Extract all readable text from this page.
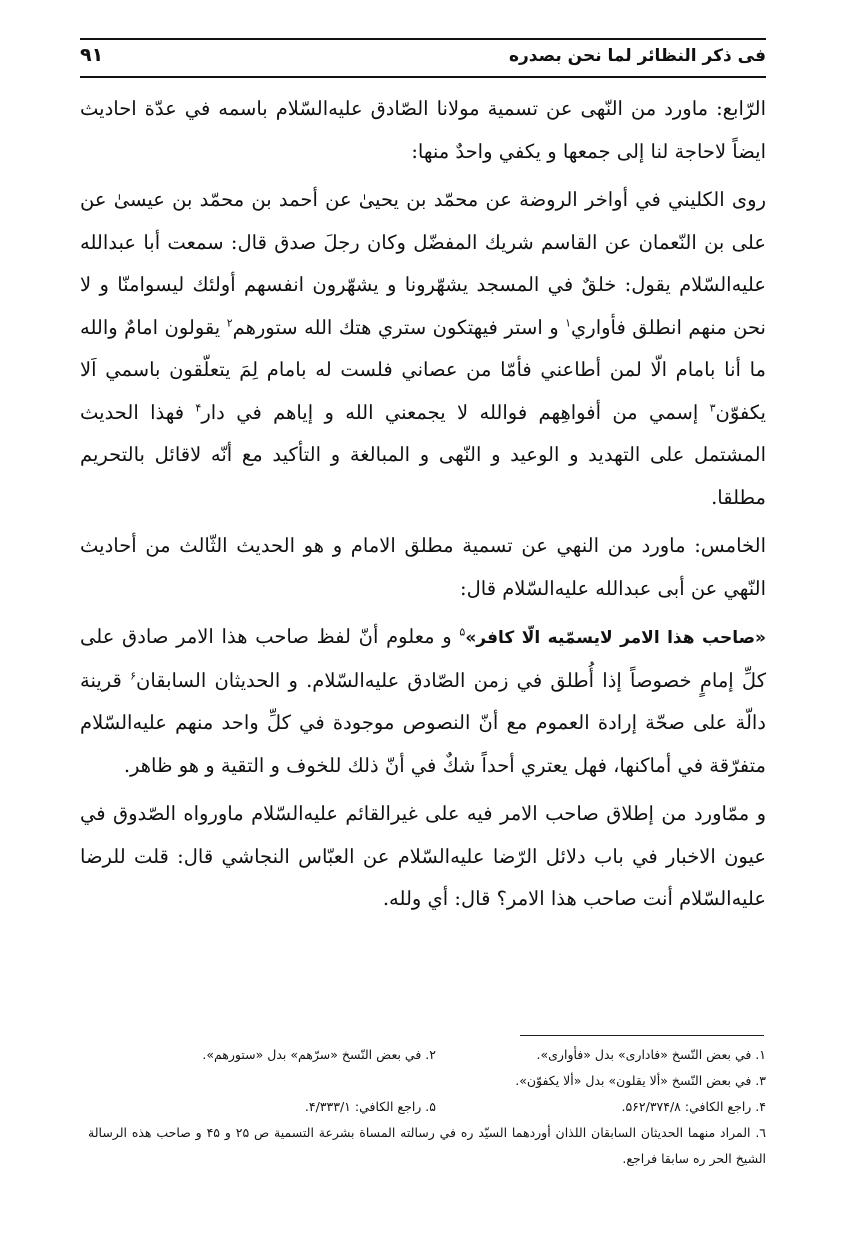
فی ذکر النظائر لما نحن بصدره
۹۱

الرّابع: ماورد من النّهی عن تسمیة مولانا الصّادق علیه‌السّلام باسمه في عدّة احادیث ایضاً لاحاجة لنا إلی جمعها و یکفي واحدٌ منها:

روی الکلیني في أواخر الروضة عن محمّد بن یحییٰ عن أحمد بن محمّد بن عیسیٰ عن علی بن النّعمان عن القاسم شریك المفضّل وکان رجلَ صدق قال: سمعت أبا عبدالله علیه‌السّلام یقول: خلقٌ في المسجد یشهّرونا و یشهّرون انفسهم أولئك لیسوامنّا و لا نحن منهم انطلق فأواري$^١$ و استر فیهتکون ستري هتك الله ستورهم$^٢$ یقولون امامٌ والله ما أنا بامام الّا لمن أطاعني فأمّا من عصاني فلست له بامام لِمَ یتعلّقون باسمي اَلا یکفوّن$^٣$ إسمي من أفواهِهم فوالله لا یجمعني الله و إیاهم في دار$^۴$ فهذا الحدیث المشتمل علی التهدید و الوعید و النّهی و المبالغة و التأکید مع أنّه لاقائل بالتحریم مطلقا.

الخامس: ماورد من النهي عن تسمیة مطلق الامام و هو الحدیث الثّالث من أحادیث النّهي عن أبی عبدالله علیه‌السّلام قال:

«صاحب هذا الامر لایسمّیه الّا کافر»$^۵$ و معلوم أنّ لفظ صاحب هذا الامر صادق علی کلِّ إمامٍ خصوصاً إذا أُطلق في زمن الصّادق علیه‌السّلام. و الحدیثان السابقان$^۶$ قرینة دالّة علی صحّة إرادة العموم مع أنّ النصوص موجودة في کلِّ واحد منهم علیه‌السّلام متفرّقة في أماکنها، فهل یعتري أحداً شكٌ في أنّ ذلك للخوف و التقیة و هو ظاهر.

و ممّاورد من إطلاق صاحب الامر فیه علی غیرالقائم علیه‌السّلام ماورواه الصّدوق في عیون الاخبار في باب دلائل الرّضا علیه‌السّلام عن العبّاس النجاشي قال: قلت للرضا علیه‌السّلام أنت صاحب هذا الامر؟ قال: أي ولله.

١. في بعض النّسخ «فاداری» بدل «فأواری».
٢. في بعض النّسخ «سرّهم» بدل «ستورهم».
٣. في بعض النّسخ «ألا یقلون» بدل «ألا یکفوّن».
۴. راجع الکافي: ۵۶۲/۳۷۴/۸.
۵. راجع الکافي: ۴/۳۳۳/۱.
٦. المراد منهما الحدیثان السابقان اللذان أوردهما السیّد ره في رسالته المساة بشرعة التسمیة ص ۲۵ و ۴۵ و صاحب هذه الرسالة الشیخ الحر ره سابقا فراجع.
